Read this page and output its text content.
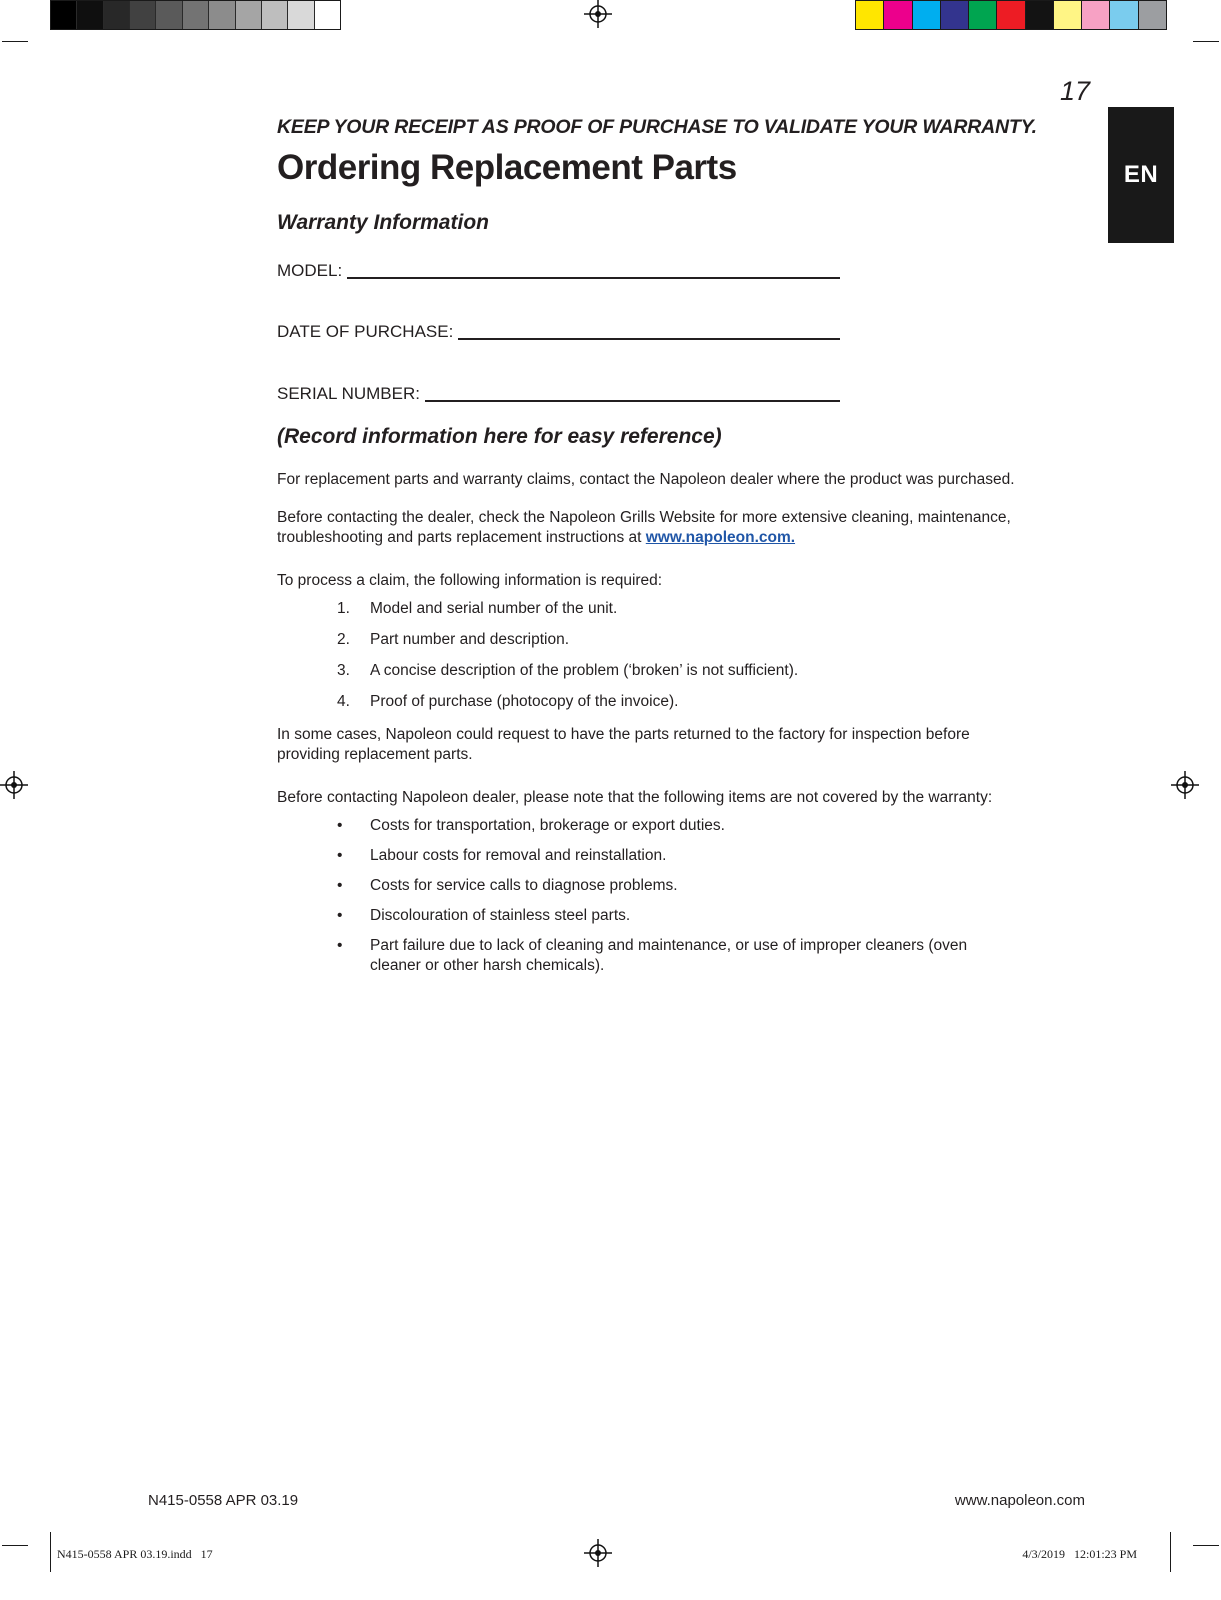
17
EN
KEEP YOUR RECEIPT AS PROOF OF PURCHASE TO VALIDATE YOUR WARRANTY.
Ordering Replacement Parts
Warranty Information
MODEL:
DATE OF PURCHASE:
SERIAL NUMBER:
(Record information here for easy reference)

For replacement parts and warranty claims, contact the Napoleon dealer where the product was purchased.

Before contacting the dealer, check the Napoleon Grills Website for more extensive cleaning, maintenance, troubleshooting and parts replacement instructions at www.napoleon.com.

To process a claim, the following information is required:

1.	Model and serial number of the unit.
2.	Part number and description.
3.	A concise description of the problem (‘broken’ is not sufficient).
4.	Proof of purchase (photocopy of the invoice).

In some cases, Napoleon could request to have the parts returned to the factory for inspection before providing replacement parts.

Before contacting Napoleon dealer, please note that the following items are not covered by the warranty:

•	Costs for transportation, brokerage or export duties.
•	Labour costs for removal and reinstallation.
•	Costs for service calls to diagnose problems.
•	Discolouration of stainless steel parts.
•	Part failure due to lack of cleaning and maintenance, or use of improper cleaners (oven cleaner or other harsh chemicals).
N415-0558 APR 03.19	www.napoleon.com
N415-0558 APR 03.19.indd   17	4/3/2019   12:01:23 PM
